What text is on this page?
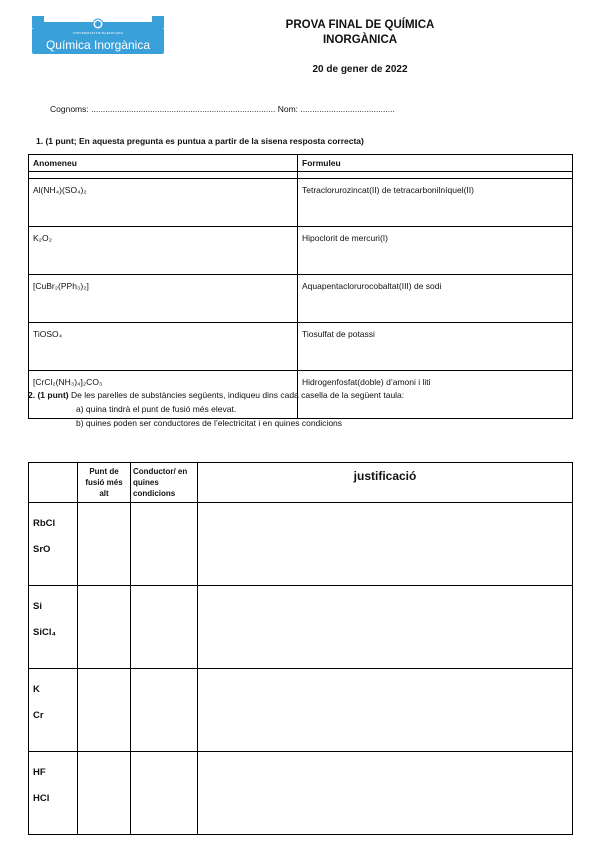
UNIVERSITAT DE BARCELONA
Química Inorgànica
PROVA FINAL DE QUÍMICA
INORGÀNICA
20 de gener de 2022
Cognoms: .............................................................................. Nom: ........................................
1. (1 punt; En aquesta pregunta es puntua a partir de la sisena resposta correcta)
Anomeneu	Formuleu

Al(NH₄)(SO₄)₂	Tetraclorurozincat(II) de tetracarbonilníquel(II)
K₂O₂	Hipoclorit de mercuri(I)
[CuBr₂(PPh₃)₂]	Aquapentaclorurocobaltat(III) de sodi
TiOSO₄	Tiosulfat de potassi
[CrCl₂(NH₃)₄]₂CO₃	Hidrogenfosfat(doble) d’amoni i liti
2. (1 punt) De les parelles de substàncies següents, indiqueu dins cada casella de la següent taula:
a) quina tindrà el punt de fusió més elevat.
b) quines poden ser conductores de l’electricitat i en quines condicions
	Punt de fusió més alt	Conductor/ en quines condicions	justificació

RbCl
SrO			

Si
SiCl₄			

K
Cr			

HF
HCl			
